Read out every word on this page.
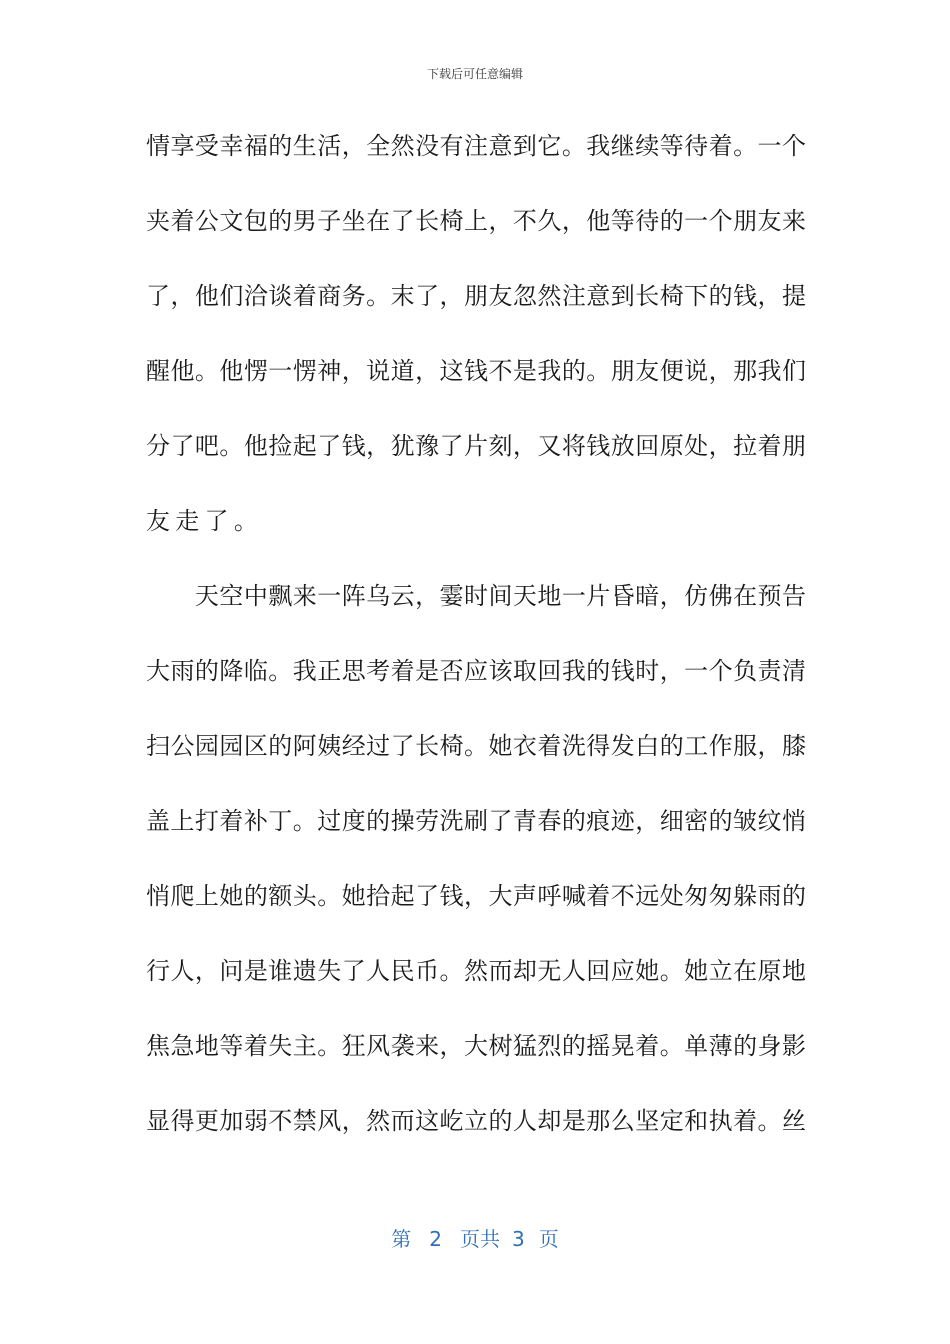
下载后可任意编辑
情享受幸福的生活，全然没有注意到它。我继续等待着。一个
夹着公文包的男子坐在了长椅上，不久，他等待的一个朋友来
了，他们洽谈着商务。末了，朋友忽然注意到长椅下的钱，提
醒他。他愣一愣神，说道，这钱不是我的。朋友便说，那我们
分了吧。他捡起了钱，犹豫了片刻，又将钱放回原处，拉着朋
友走了。
　　天空中飘来一阵乌云，霎时间天地一片昏暗，仿佛在预告
大雨的降临。我正思考着是否应该取回我的钱时，一个负责清
扫公园园区的阿姨经过了长椅。她衣着洗得发白的工作服，膝
盖上打着补丁。过度的操劳洗刷了青春的痕迹，细密的皱纹悄
悄爬上她的额头。她拾起了钱，大声呼喊着不远处匆匆躲雨的
行人，问是谁遗失了人民币。然而却无人回应她。她立在原地
焦急地等着失主。狂风袭来，大树猛烈的摇晃着。单薄的身影
显得更加弱不禁风，然而这屹立的人却是那么坚定和执着。丝
第 2 页共 3 页
